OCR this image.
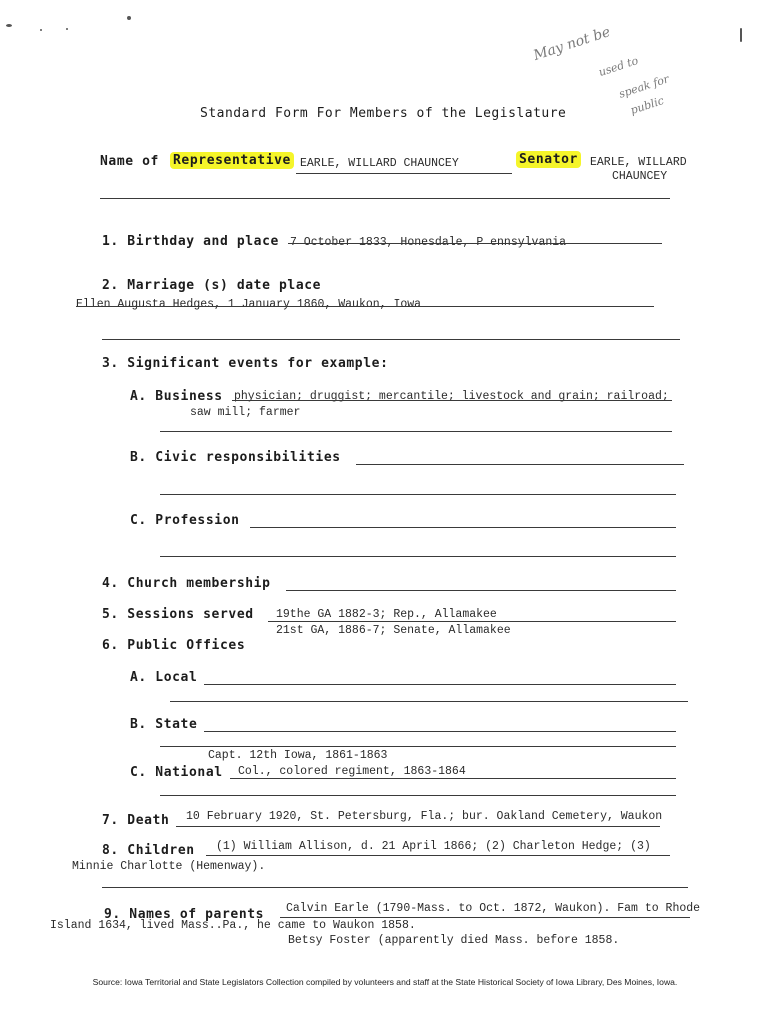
May not be
used to
speak for
public
Standard Form For Members of the Legislature
Name of Representative EARLE, WILLARD CHAUNCEY	Senator EARLE, WILLARD
CHAUNCEY
1. Birthday and place 7 October 1833, Honesdale, P ennsylvania
2. Marriage (s) date place
Ellen Augusta Hedges, 1 January 1860, Waukon, Iowa
3. Significant events for example:
A. Business physician; druggist; mercantile; livestock and grain; railroad;
saw mill; farmer
B. Civic responsibilities
C. Profession
4. Church membership
5. Sessions served 19the GA 1882-3; Rep., Allamakee
21st GA, 1886-7; Senate, Allamakee
6. Public Offices
A. Local
B. State
Capt. 12th Iowa, 1861-1863
C. National Col., colored regiment, 1863-1864
7. Death 10 February 1920, St. Petersburg, Fla.; bur. Oakland Cemetery, Waukon
8. Children (1) William Allison, d. 21 April 1866; (2) Charleton Hedge; (3)
Minnie Charlotte (Hemenway).
9. Names of parents Calvin Earle (1790-Mass. to Oct. 1872, Waukon). Fam to Rhode
Island 1634, lived Mass..Pa., he came to Waukon 1858.
Betsy Foster (apparently died Mass. before 1858.
Source: Iowa Territorial and State Legislators Collection compiled by volunteers and staff at the State Historical Society of Iowa Library, Des Moines, Iowa.
